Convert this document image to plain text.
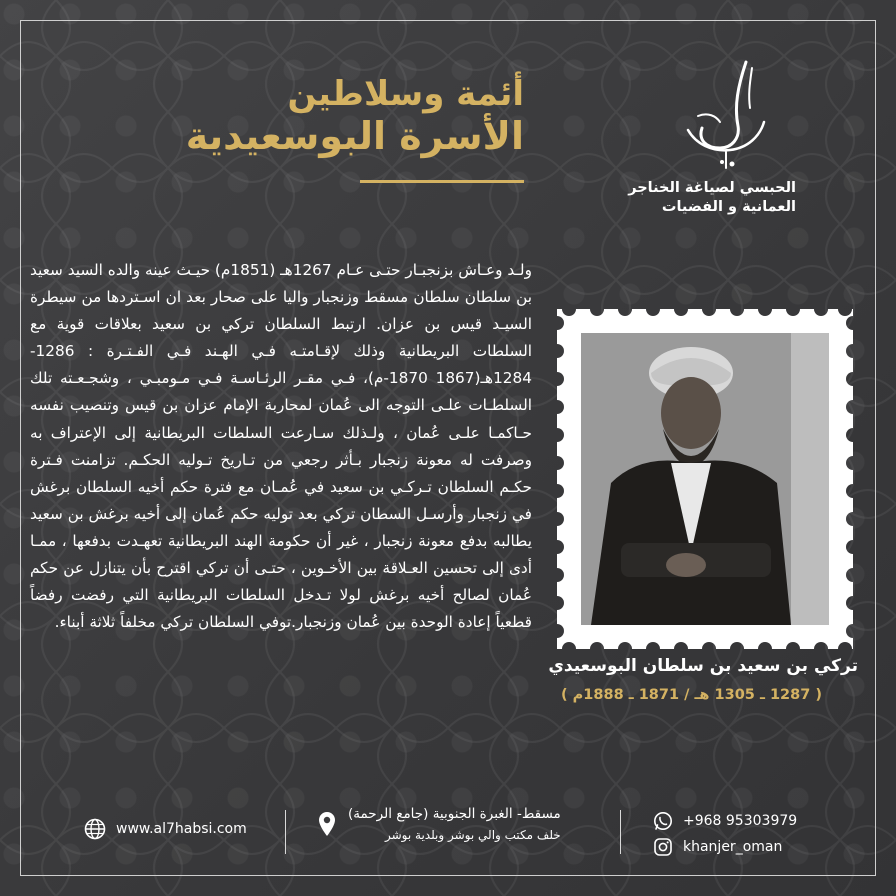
أئمة وسلاطين
الأسرة البوسعيدية
الحبسي لصياغة الخناجر
العمانية و الفضيات
ولـد وعـاش بزنجبـار حتـى عـام 1267هـ (1851م) حيـث عينه والده السيد سعيد بن سلطان سلطان مسقط وزنجبار واليا على صحار بعد ان اسـتردها من سيطرة السيـد قيس بن عزان. ارتبط السلطان تركي بن سعيد بعلاقات قوية مع السلطات البريطانية وذلك لإقـامتـه فـي الهـند فـي الفـتـرة : 1286-1284هـ(1867 1870-م)، فـي مقـر الرئـاسـة فـي مـومبـي ، وشجـعـته تلك السلطـات علـى التوجه الى عُمان لمحاربة الإمام عزان بن قيس وتنصيب نفسه حـاكمـا علـى عُمان ، ولـذلك سـارعت السلطات البريطانية إلى الإعتراف به وصرفت له معونة زنجبار بـأثر رجعي من تـاريخ تـوليه الحكـم. تزامنت فـترة حكـم السلطان تـركـي بن سعيد في عُمـان مع فترة حكم أخيه السلطان برغش في زنجبار وأرسـل السطان تركي بعد توليه حكم عُمان إلى أخيه برغش بن سعيد يطالبه بدفع معونة زنجبار ، غير أن حكومة الهند البريطانية تعهـدت بدفعها ، ممـا أدى إلى تحسين العـلاقة بين الأخـوين ، حتـى أن تركي اقترح بأن يتنازل عن حكم عُمان لصالح أخيه برغش لولا تـدخل السلطات البريطانية التي رفضت رفضاً قطعياً إعادة الوحدة بين عُمان وزنجبار.توفي السلطان تركي مخلفاً ثلاثة أبناء.
تركي بن سعيد بن سلطان البوسعيدي
( 1287 ـ 1305 هـ / 1871 ـ 1888م )
www.al7habsi.com
مسقط- الغبرة الجنوبية (جامع الرحمة)
خلف مكتب والي بوشر وبلدية بوشر
+968 95303979
khanjer_oman
